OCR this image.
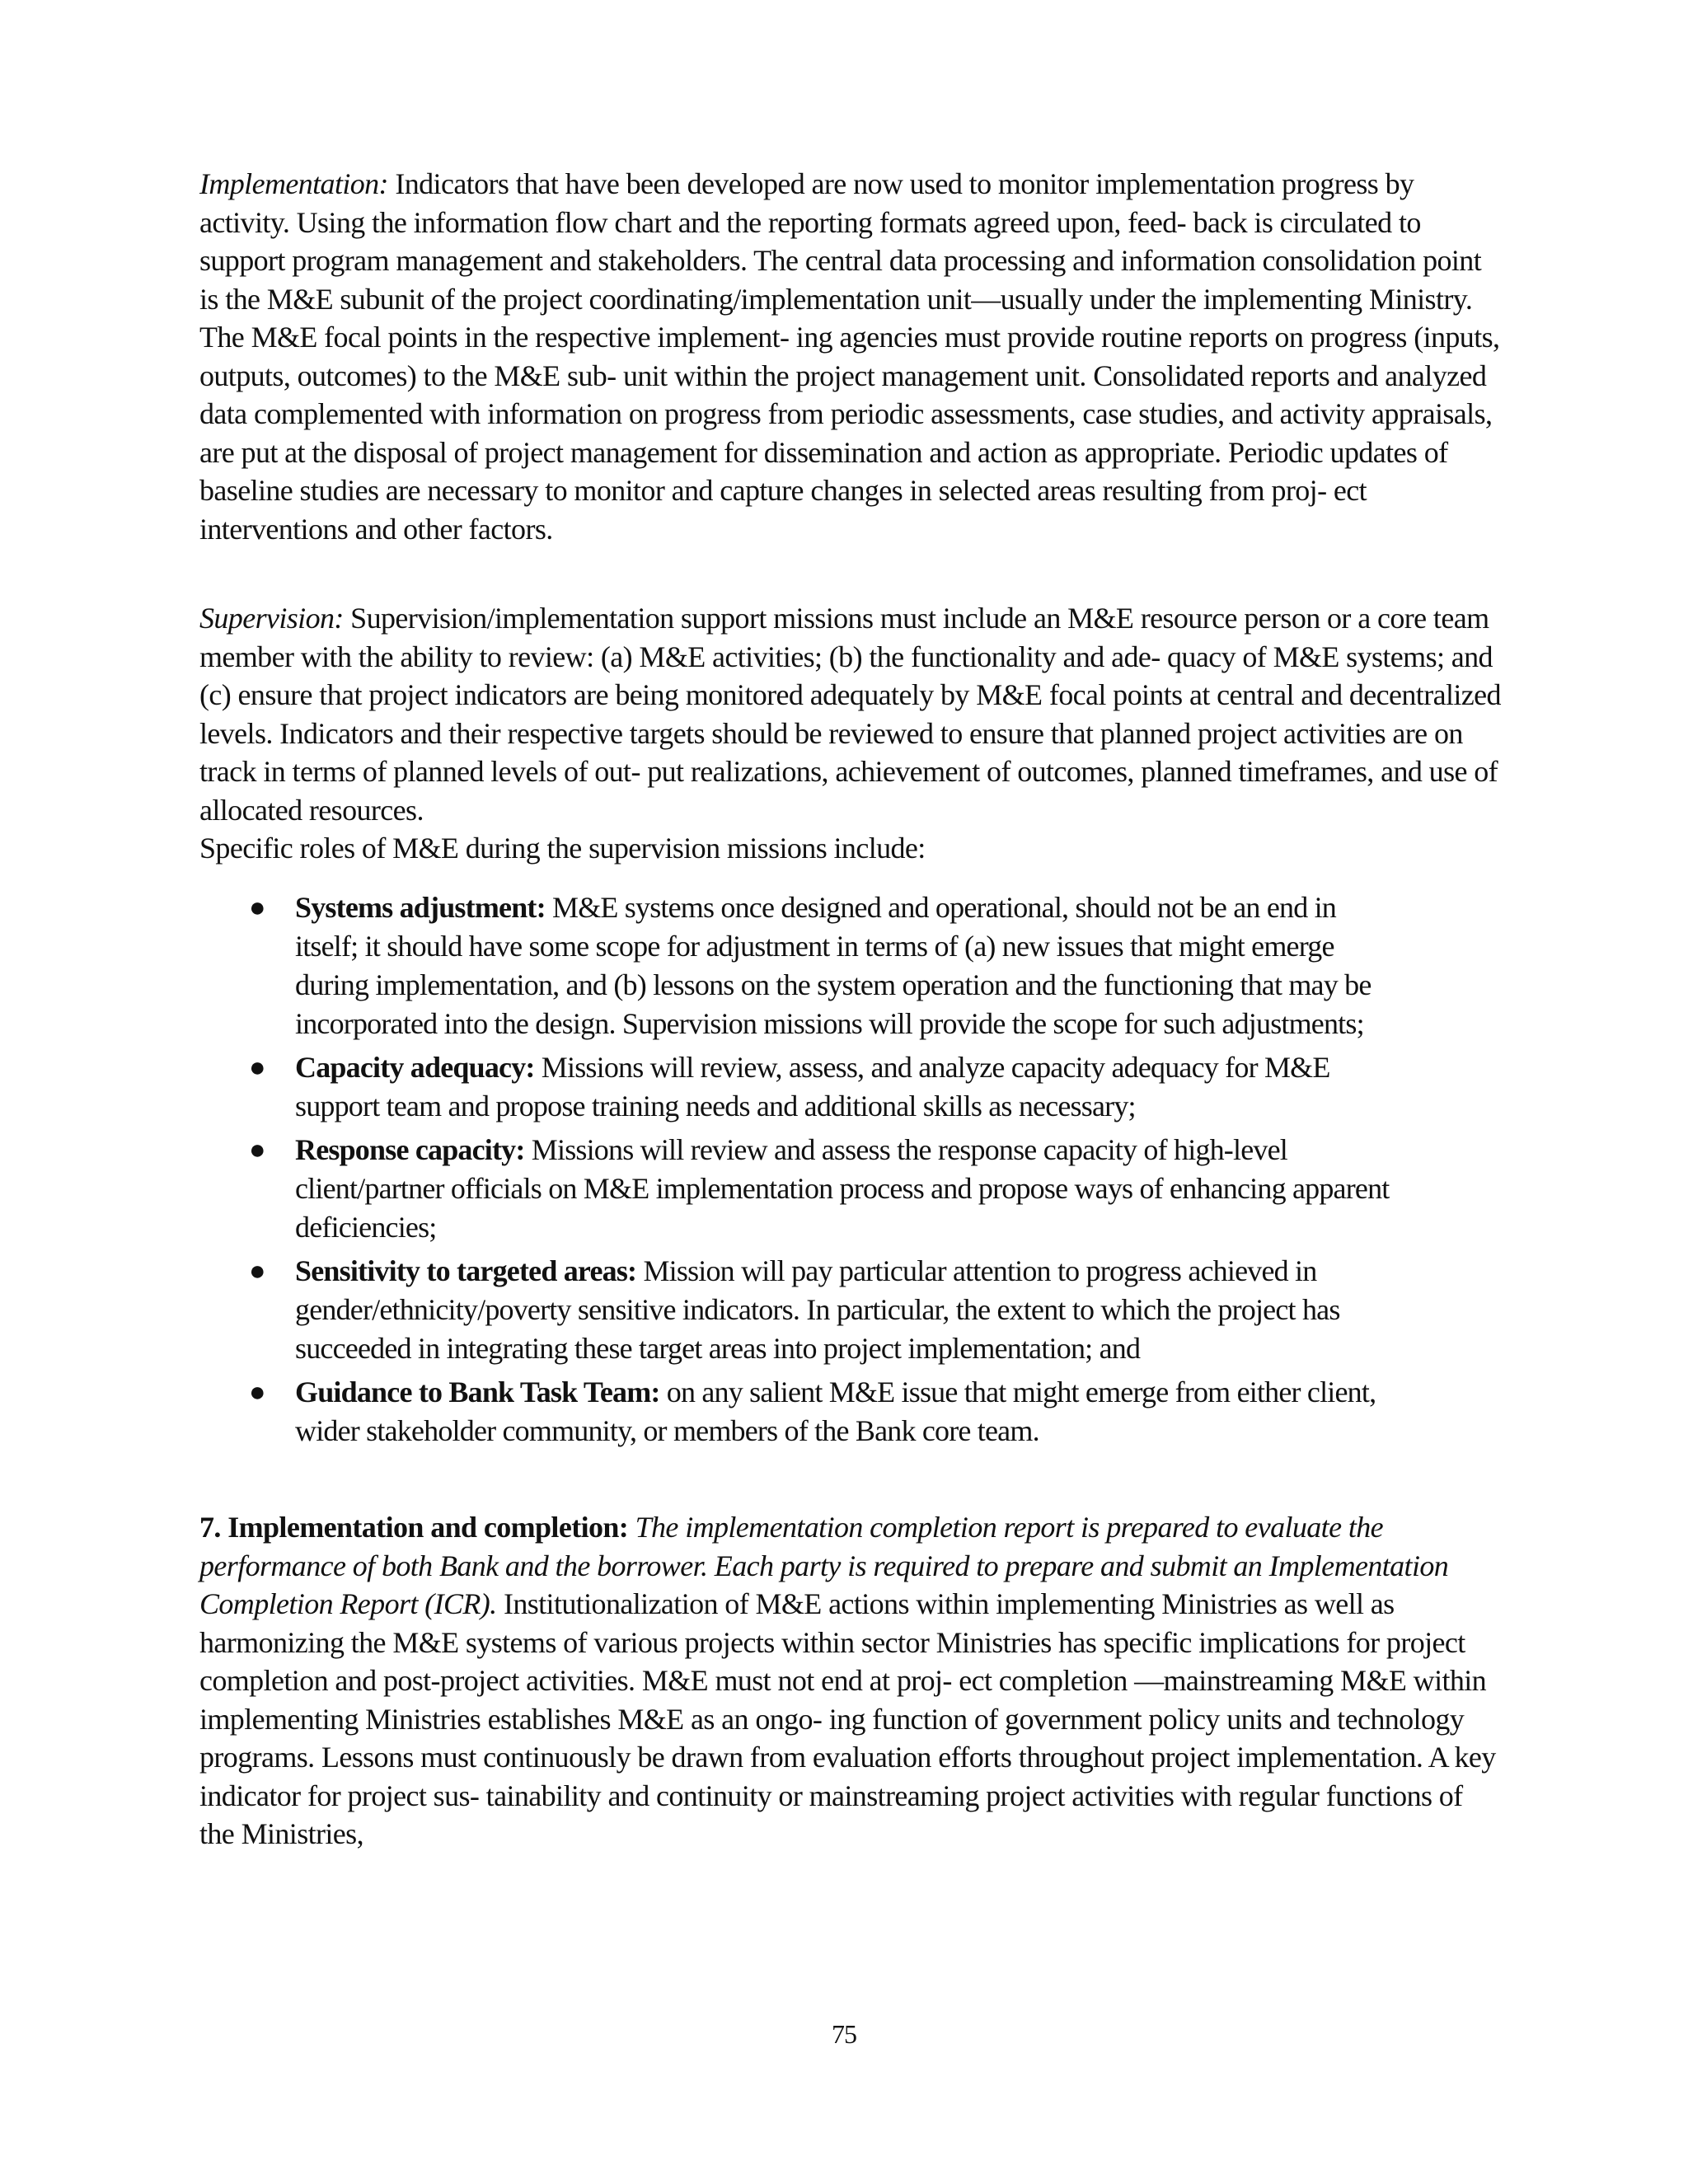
Implementation: Indicators that have been developed are now used to monitor implementation progress by activity. Using the information flow chart and the reporting formats agreed upon, feed- back is circulated to support program management and stakeholders. The central data processing and information consolidation point is the M&E subunit of the project coordinating/implementation unit—usually under the implementing Ministry. The M&E focal points in the respective implement- ing agencies must provide routine reports on progress (inputs, outputs, outcomes) to the M&E sub- unit within the project management unit. Consolidated reports and analyzed data complemented with information on progress from periodic assessments, case studies, and activity appraisals, are put at the disposal of project management for dissemination and action as appropriate. Periodic updates of baseline studies are necessary to monitor and capture changes in selected areas resulting from proj- ect interventions and other factors.

Supervision: Supervision/implementation support missions must include an M&E resource person or a core team member with the ability to review: (a) M&E activities; (b) the functionality and ade- quacy of M&E systems; and (c) ensure that project indicators are being monitored adequately by M&E focal points at central and decentralized levels. Indicators and their respective targets should be reviewed to ensure that planned project activities are on track in terms of planned levels of out- put realizations, achievement of outcomes, planned timeframes, and use of allocated resources.

Specific roles of M&E during the supervision missions include:

● Systems adjustment: M&E systems once designed and operational, should not be an end in itself; it should have some scope for adjustment in terms of (a) new issues that might emerge during implementation, and (b) lessons on the system operation and the functioning that may be incorporated into the design. Supervision missions will provide the scope for such adjustments;
● Capacity adequacy: Missions will review, assess, and analyze capacity adequacy for M&E support team and propose training needs and additional skills as necessary;
● Response capacity: Missions will review and assess the response capacity of high-level client/partner officials on M&E implementation process and propose ways of enhancing apparent deficiencies;
● Sensitivity to targeted areas: Mission will pay particular attention to progress achieved in gender/ethnicity/poverty sensitive indicators. In particular, the extent to which the project has succeeded in integrating these target areas into project implementation; and
● Guidance to Bank Task Team: on any salient M&E issue that might emerge from either client, wider stakeholder community, or members of the Bank core team.

7. Implementation and completion: The implementation completion report is prepared to evaluate the performance of both Bank and the borrower. Each party is required to prepare and submit an Implementation Completion Report (ICR). Institutionalization of M&E actions within implementing Ministries as well as harmonizing the M&E systems of various projects within sector Ministries has specific implications for project completion and post-project activities. M&E must not end at proj- ect completion —mainstreaming M&E within implementing Ministries establishes M&E as an ongo- ing function of government policy units and technology programs. Lessons must continuously be drawn from evaluation efforts throughout project implementation. A key indicator for project sus- tainability and continuity or mainstreaming project activities with regular functions of the Ministries,

75
